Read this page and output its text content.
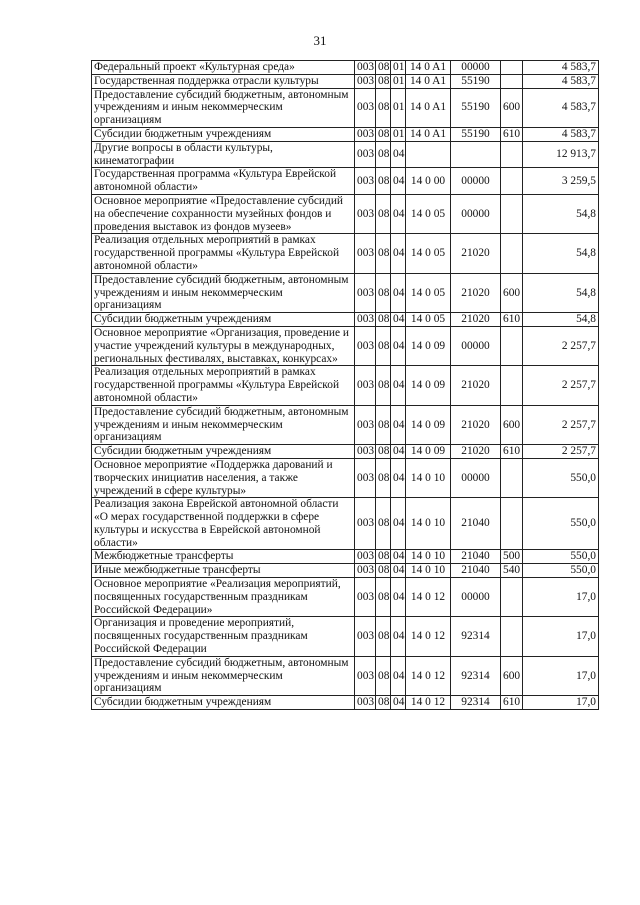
31
Федеральный проект «Культурная среда»	003	08	01	14 0 A1	00000		4 583,7
Государственная поддержка отрасли культуры	003	08	01	14 0 A1	55190		4 583,7
Предоставление субсидий бюджетным, автономным учреждениям и иным некоммерческим организациям	003	08	01	14 0 A1	55190	600	4 583,7
Субсидии бюджетным учреждениям	003	08	01	14 0 A1	55190	610	4 583,7
Другие вопросы в области культуры, кинематографии	003	08	04				12 913,7
Государственная программа «Культура Еврейской автономной области»	003	08	04	14 0 00	00000		3 259,5
Основное мероприятие «Предоставление субсидий на обеспечение сохранности музейных фондов и проведения выставок из фондов музеев»	003	08	04	14 0 05	00000		54,8
Реализация отдельных мероприятий в рамках государственной программы «Культура Еврейской автономной области»	003	08	04	14 0 05	21020		54,8
Предоставление субсидий бюджетным, автономным учреждениям и иным некоммерческим организациям	003	08	04	14 0 05	21020	600	54,8
Субсидии бюджетным учреждениям	003	08	04	14 0 05	21020	610	54,8
Основное мероприятие «Организация, проведение и участие учреждений культуры в международных, региональных фестивалях, выставках, конкурсах»	003	08	04	14 0 09	00000		2 257,7
Реализация отдельных мероприятий в рамках государственной программы «Культура Еврейской автономной области»	003	08	04	14 0 09	21020		2 257,7
Предоставление субсидий бюджетным, автономным учреждениям и иным некоммерческим организациям	003	08	04	14 0 09	21020	600	2 257,7
Субсидии бюджетным учреждениям	003	08	04	14 0 09	21020	610	2 257,7
Основное мероприятие «Поддержка дарований и творческих инициатив населения, а также учреждений в сфере культуры»	003	08	04	14 0 10	00000		550,0
Реализация закона Еврейской автономной области «О мерах государственной поддержки в сфере культуры и искусства в Еврейской автономной области»	003	08	04	14 0 10	21040		550,0
Межбюджетные трансферты	003	08	04	14 0 10	21040	500	550,0
Иные межбюджетные трансферты	003	08	04	14 0 10	21040	540	550,0
Основное мероприятие «Реализация мероприятий, посвященных государственным праздникам Российской Федерации»	003	08	04	14 0 12	00000		17,0
Организация и проведение мероприятий, посвященных государственным праздникам Российской Федерации	003	08	04	14 0 12	92314		17,0
Предоставление субсидий бюджетным, автономным учреждениям и иным некоммерческим организациям	003	08	04	14 0 12	92314	600	17,0
Субсидии бюджетным учреждениям	003	08	04	14 0 12	92314	610	17,0
